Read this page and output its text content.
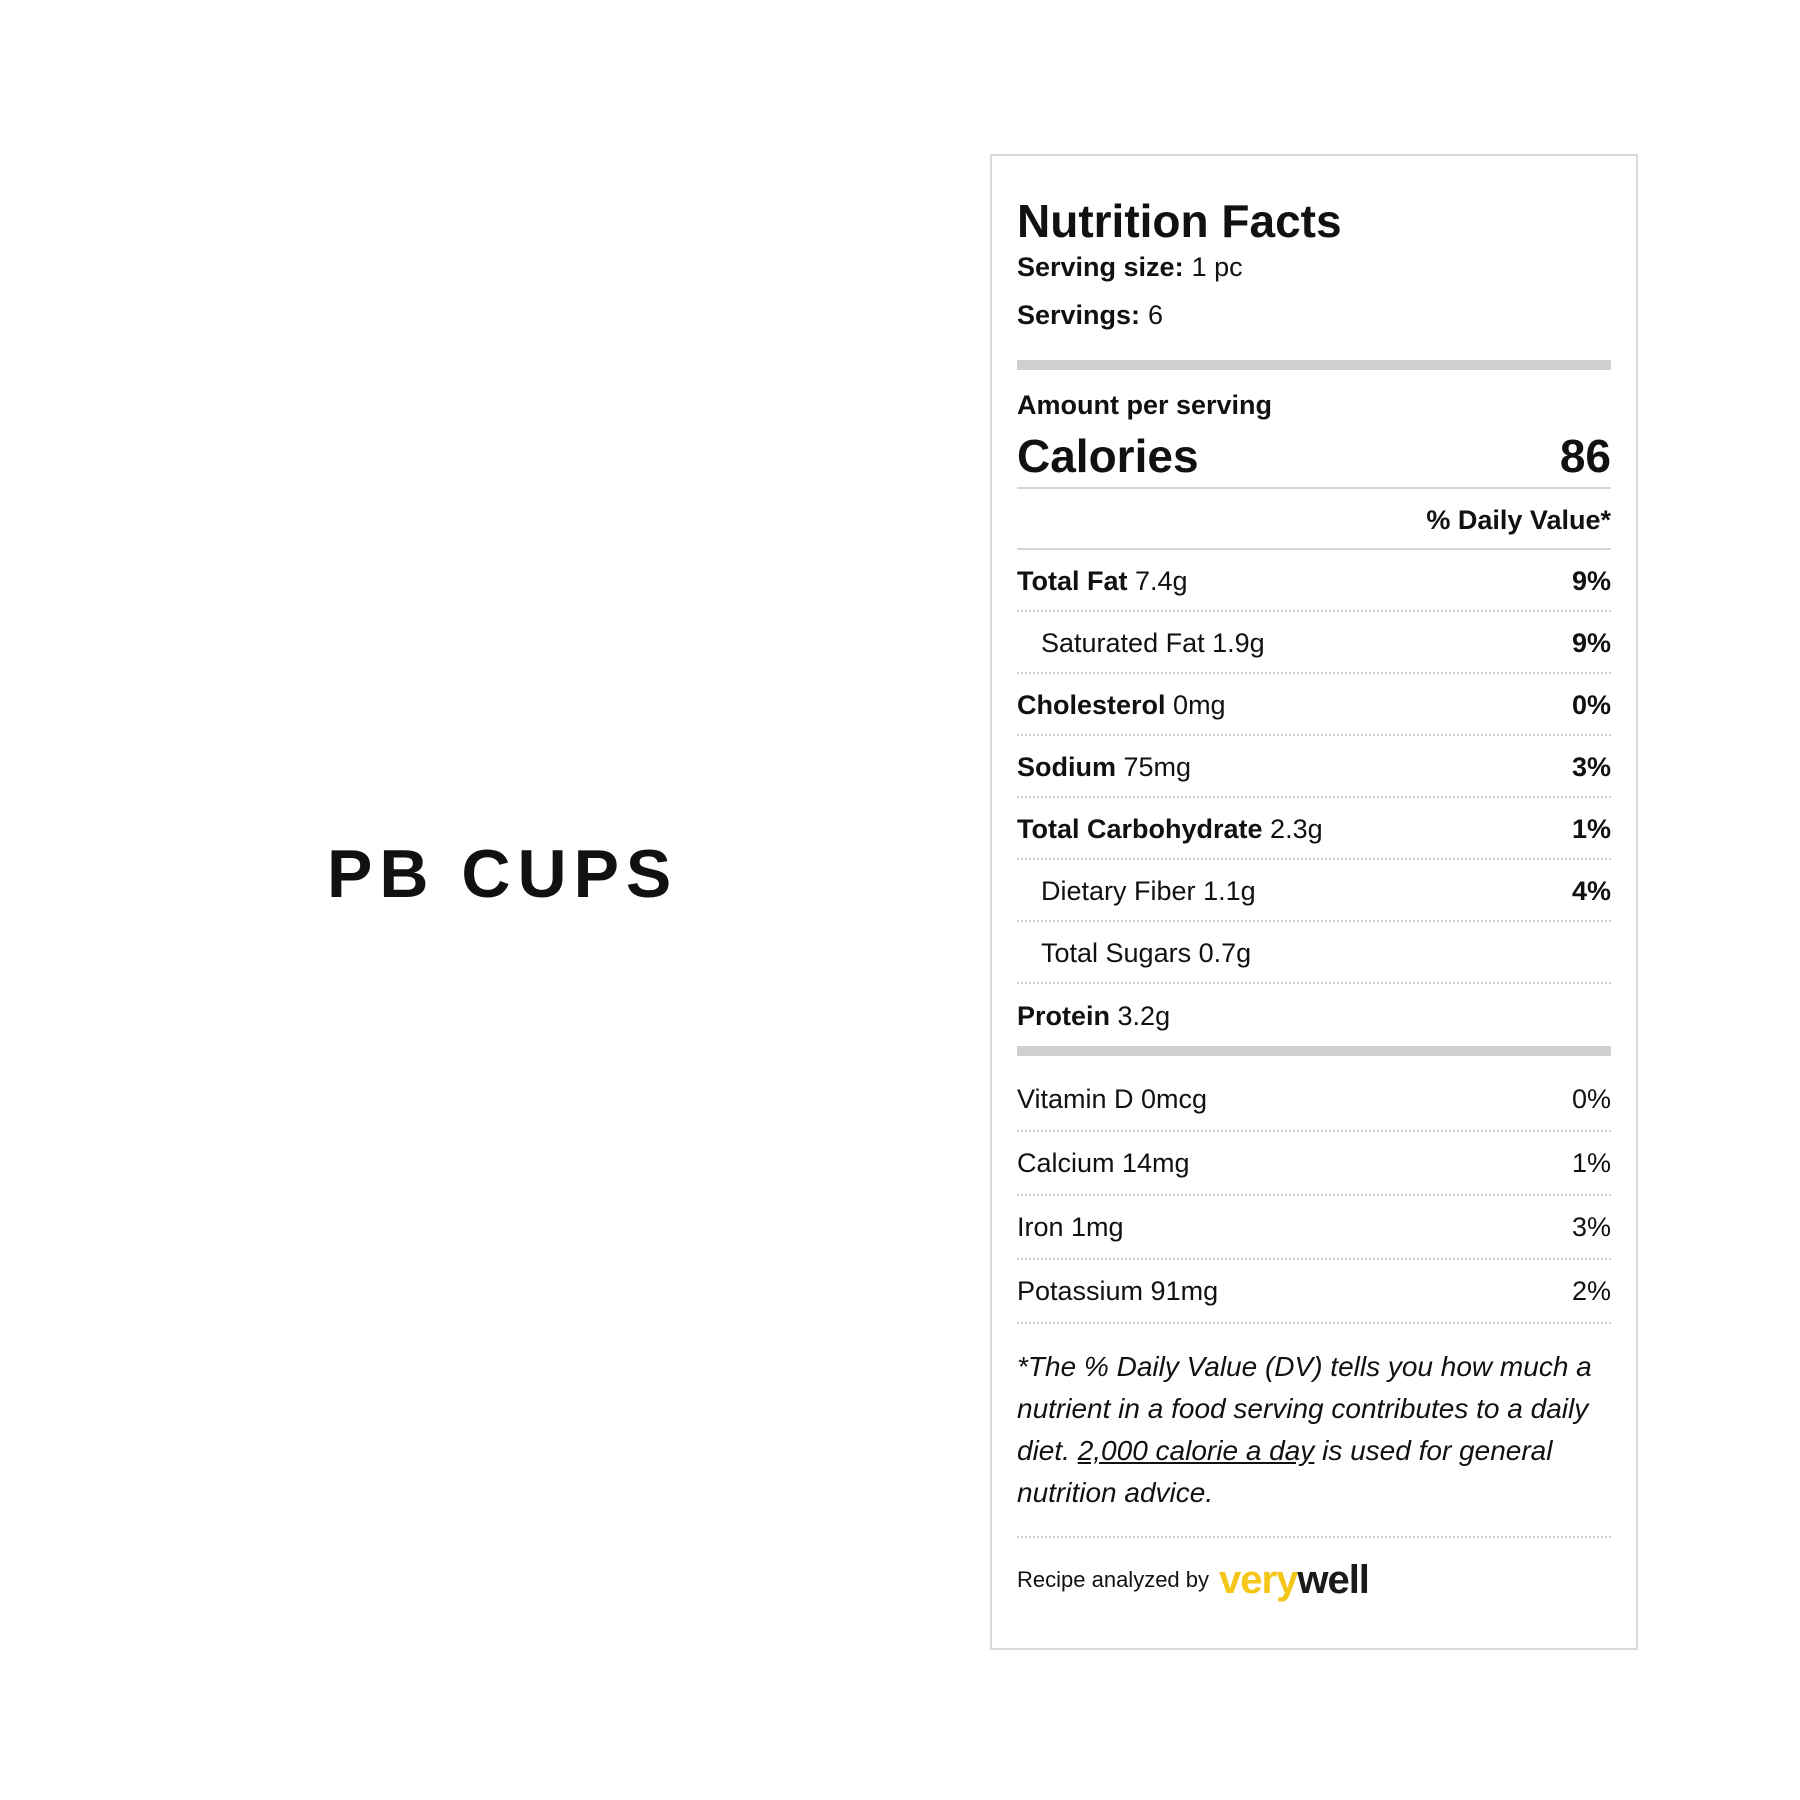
PB CUPS
Nutrition Facts
Serving size: 1 pc
Servings: 6
Amount per serving
Calories	86
% Daily Value*
Total Fat 7.4g	9%
Saturated Fat 1.9g	9%
Cholesterol 0mg	0%
Sodium 75mg	3%
Total Carbohydrate 2.3g	1%
Dietary Fiber 1.1g	4%
Total Sugars 0.7g
Protein 3.2g
Vitamin D 0mcg	0%
Calcium 14mg	1%
Iron 1mg	3%
Potassium 91mg	2%
*The % Daily Value (DV) tells you how much a nutrient in a food serving contributes to a daily diet. 2,000 calorie a day is used for general nutrition advice.
Recipe analyzed by very well
